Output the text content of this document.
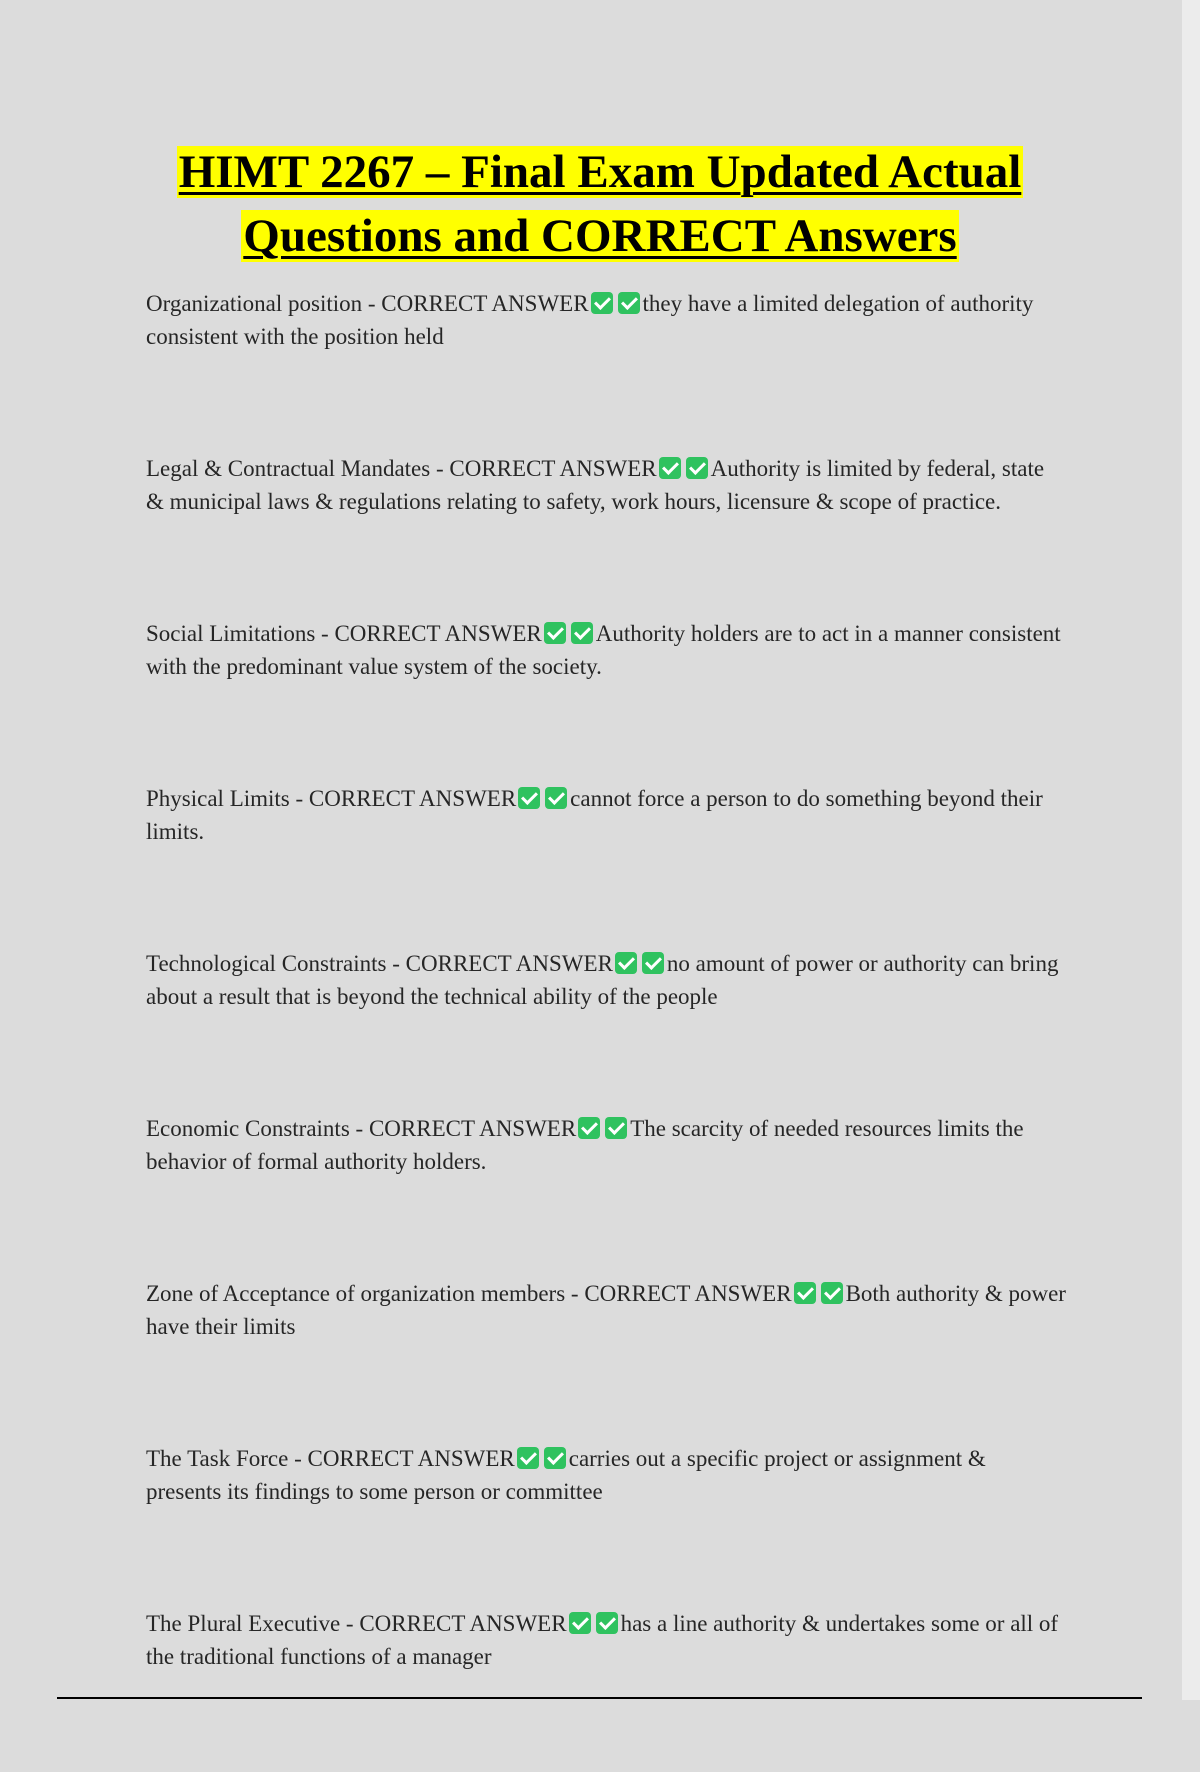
HIMT 2267 – Final Exam Updated Actual
Questions and CORRECT Answers

Organizational position - CORRECT ANSWER they have a limited delegation of authority consistent with the position held

Legal & Contractual Mandates - CORRECT ANSWER Authority is limited by federal, state & municipal laws & regulations relating to safety, work hours, licensure & scope of practice.

Social Limitations - CORRECT ANSWER Authority holders are to act in a manner consistent with the predominant value system of the society.

Physical Limits - CORRECT ANSWER cannot force a person to do something beyond their limits.

Technological Constraints - CORRECT ANSWER no amount of power or authority can bring about a result that is beyond the technical ability of the people

Economic Constraints - CORRECT ANSWER The scarcity of needed resources limits the behavior of formal authority holders.

Zone of Acceptance of organization members - CORRECT ANSWER Both authority & power have their limits

The Task Force - CORRECT ANSWER carries out a specific project or assignment & presents its findings to some person or committee

The Plural Executive - CORRECT ANSWER has a line authority & undertakes some or all of the traditional functions of a manager
